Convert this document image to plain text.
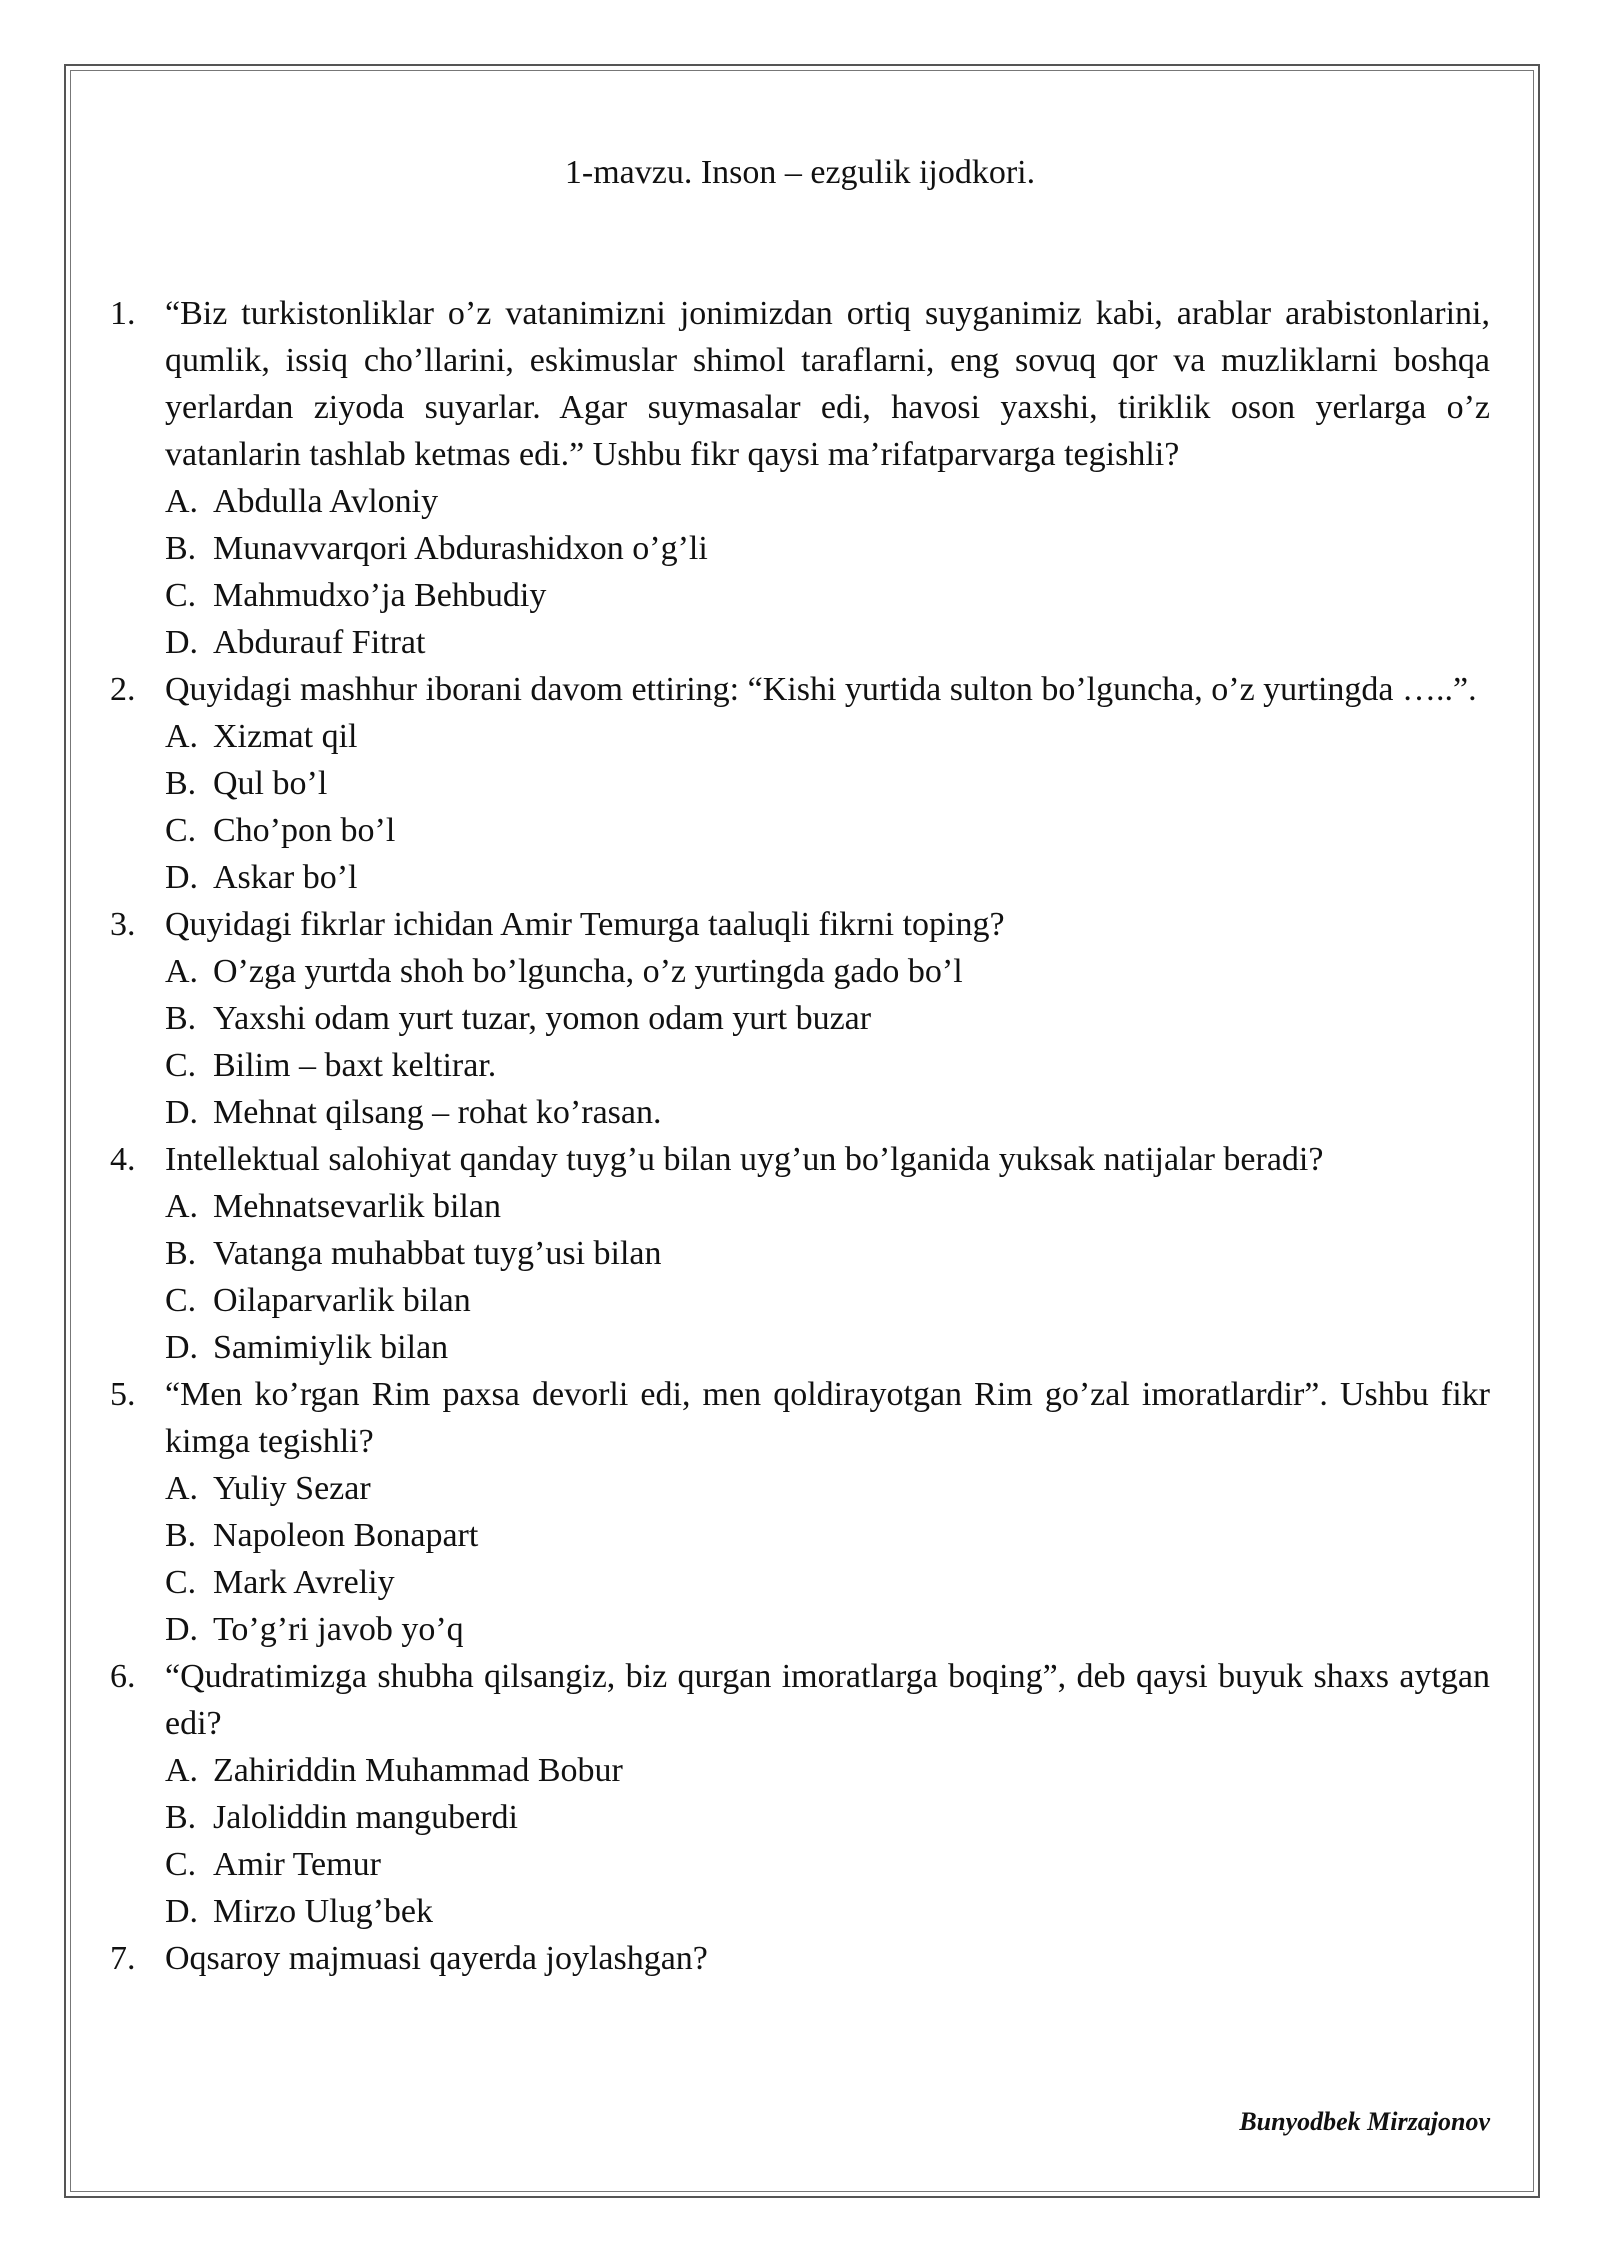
1-mavzu. Inson – ezgulik ijodkori.
1. “Biz turkistonliklar o’z vatanimizni jonimizdan ortiq suyganimiz kabi, arablar arabistonlarini, qumlik, issiq cho’llarini, eskimuslar shimol taraflarni, eng sovuq qor va muzliklarni boshqa yerlardan ziyoda suyarlar. Agar suymasalar edi, havosi yaxshi, tiriklik oson yerlarga o’z vatanlarin tashlab ketmas edi.” Ushbu fikr qaysi ma’rifatparvarga tegishli?
A. Abdulla Avloniy
B. Munavvarqori Abdurashidxon o’g’li
C. Mahmudxo’ja Behbudiy
D. Abdurauf Fitrat
2. Quyidagi mashhur iborani davom ettiring: “Kishi yurtida sulton bo’lguncha, o’z yurtingda …..”.
A. Xizmat qil
B. Qul bo’l
C. Cho’pon bo’l
D. Askar bo’l
3. Quyidagi fikrlar ichidan Amir Temurga taaluqli fikrni toping?
A. O’zga yurtda shoh bo’lguncha, o’z yurtingda gado bo’l
B. Yaxshi odam yurt tuzar, yomon odam yurt buzar
C. Bilim – baxt keltirar.
D. Mehnat qilsang – rohat ko’rasan.
4. Intellektual salohiyat qanday tuyg’u bilan uyg’un bo’lganida yuksak natijalar beradi?
A. Mehnatsevarlik bilan
B. Vatanga muhabbat tuyg’usi bilan
C. Oilaparvarlik bilan
D. Samimiylik bilan
5. “Men ko’rgan Rim paxsa devorli edi, men qoldirayotgan Rim go’zal imoratlardir”. Ushbu fikr kimga tegishli?
A. Yuliy Sezar
B. Napoleon Bonapart
C. Mark Avreliy
D. To’g’ri javob yo’q
6. “Qudratimizga shubha qilsangiz, biz qurgan imoratlarga boqing”, deb qaysi buyuk shaxs aytgan edi?
A. Zahiriddin Muhammad Bobur
B. Jaloliddin manguberdi
C. Amir Temur
D. Mirzo Ulug’bek
7. Oqsaroy majmuasi qayerda joylashgan?
Bunyodbek Mirzajonov
